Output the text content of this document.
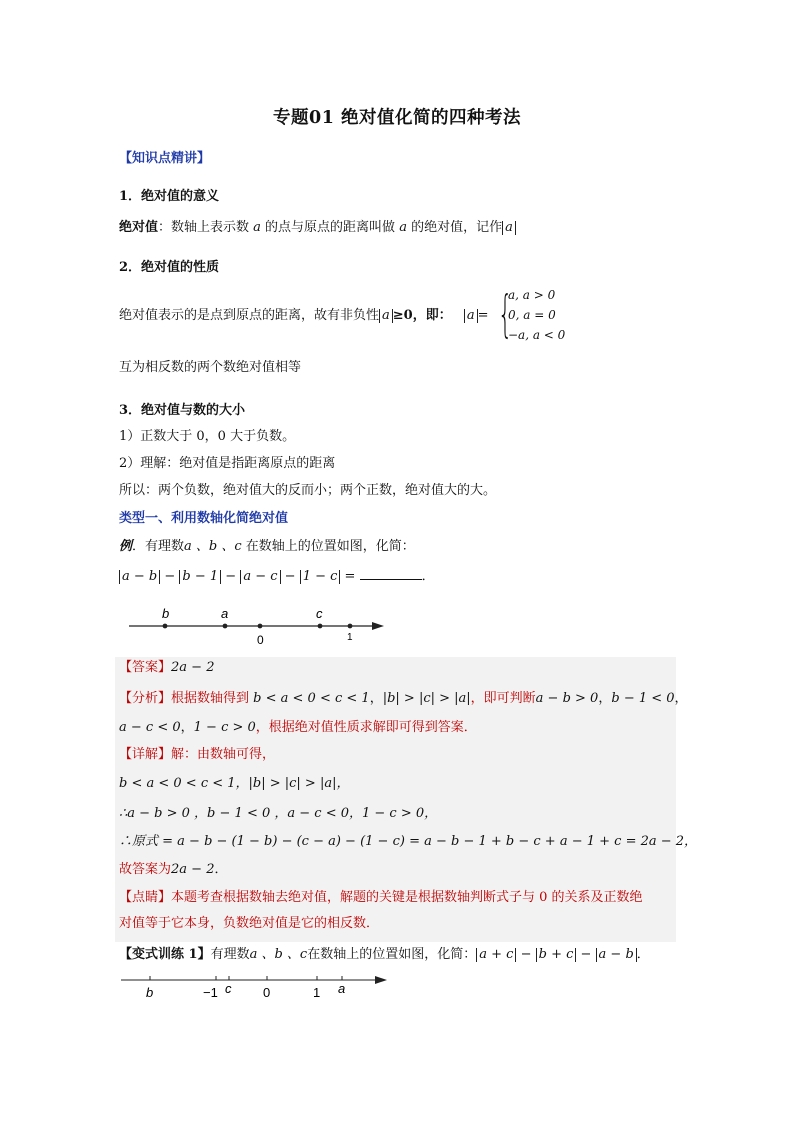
专题01 绝对值化简的四种考法
【知识点精讲】
1．绝对值的意义
绝对值：数轴上表示数 a 的点与原点的距离叫做 a 的绝对值，记作 a
2．绝对值的性质
绝对值表示的是点到原点的距离，故有非负性 a ≥0，即： a = {
a, a > 0
0, a = 0
−a, a < 0
互为相反数的两个数绝对值相等
3．绝对值与数的大小
1）正数大于 0，0 大于负数。
2）理解：绝对值是指距离原点的距离
所以：两个负数，绝对值大的反而小；两个正数，绝对值大的大。
类型一、利用数轴化简绝对值
例．有理数a 、b 、c 在数轴上的位置如图，化简：
a − b − b − 1 − a − c − 1 − c =	．
b	a	c
0	1
【答案】2a − 2
【分析】根据数轴得到 b < a < 0 < c < 1，|b| > |c| > |a|，即可判断a − b > 0，b − 1 < 0，
a − c < 0，1 − c > 0，根据绝对值性质求解即可得到答案．
【详解】解：由数轴可得，
b < a < 0 < c < 1，|b| > |c| > |a|，
∴a − b > 0 ，b − 1 < 0 ，a − c < 0，1 − c > 0，
∴原式 = a − b − (1 − b) − (c − a) − (1 − c) = a − b − 1 + b − c + a − 1 + c = 2a − 2，
故答案为2a − 2．
【点睛】本题考查根据数轴去绝对值，解题的关键是根据数轴判断式子与 0 的关系及正数绝
对值等于它本身，负数绝对值是它的相反数．
【变式训练 1】有理数a 、b 、c在数轴上的位置如图，化简： a + c − b + c − a − b ．
b	−1 c 0	1 a
